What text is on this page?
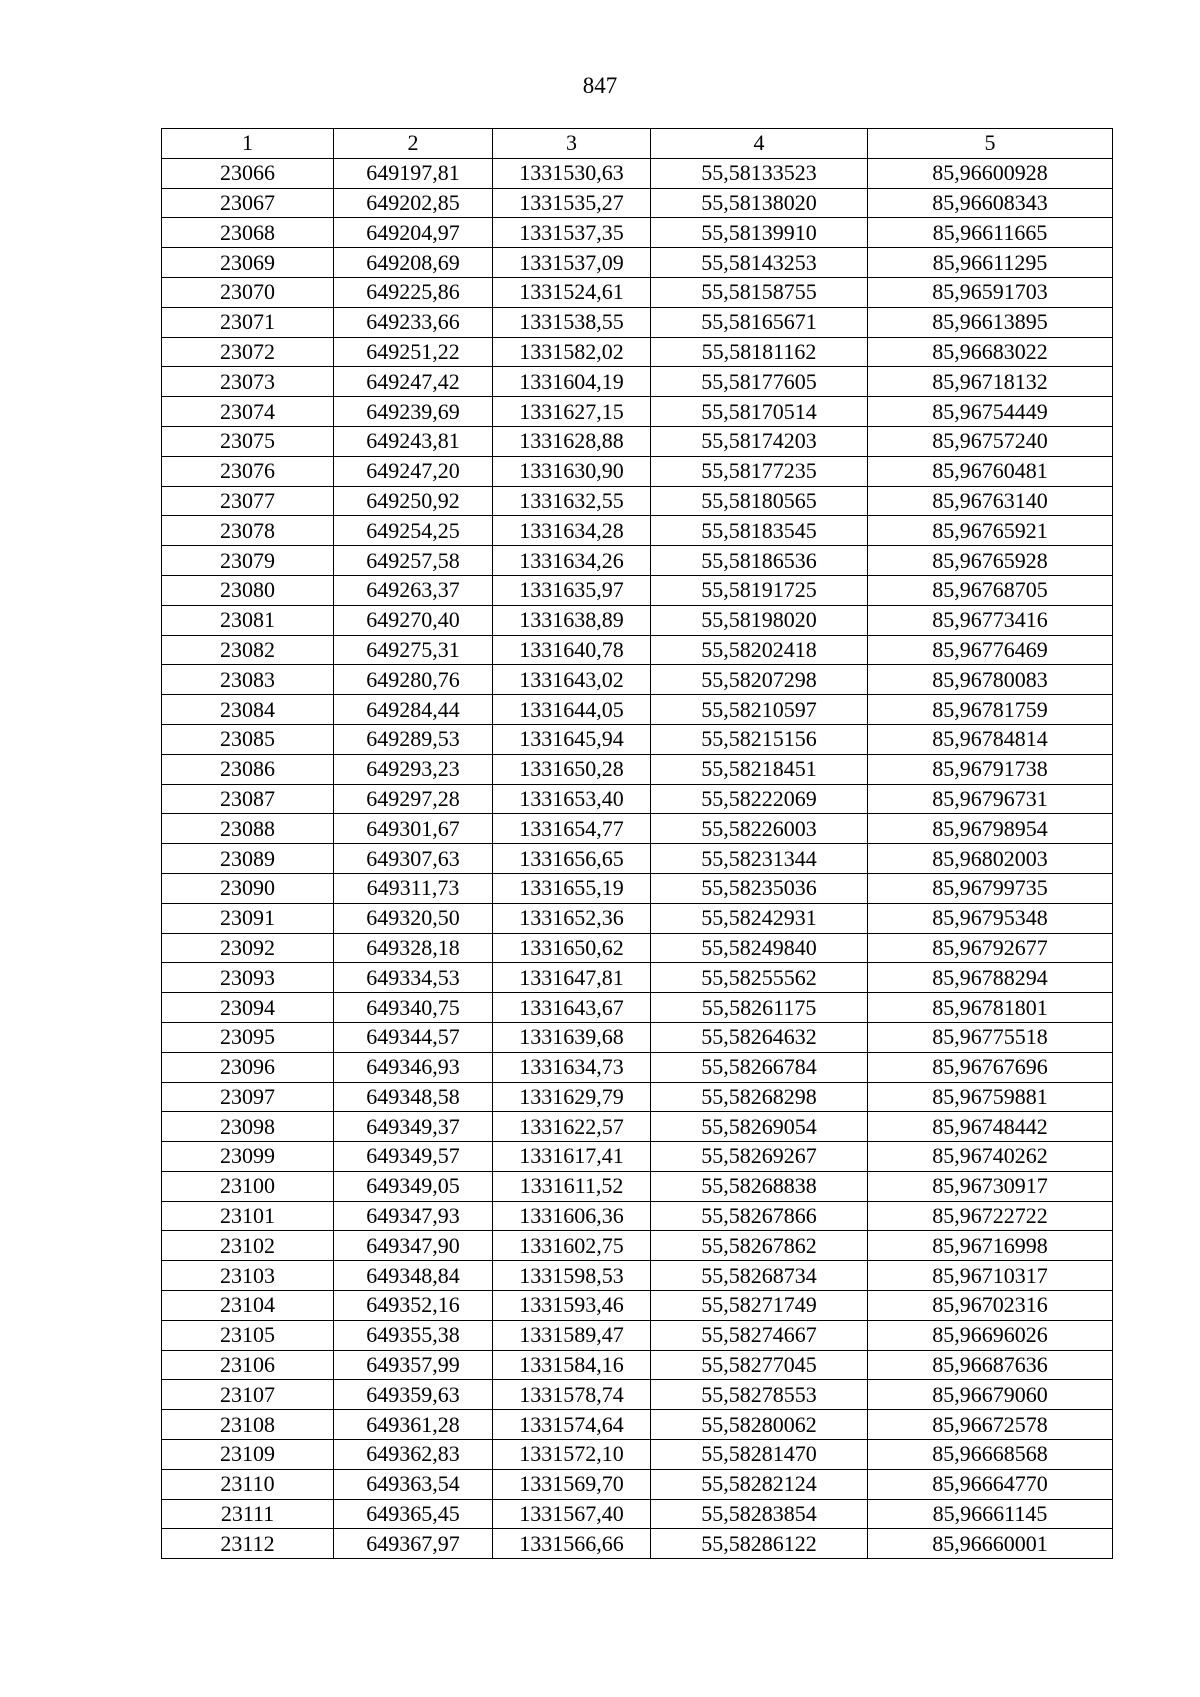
847
1	2	3	4	5
23066	649197,81	1331530,63	55,58133523	85,96600928
23067	649202,85	1331535,27	55,58138020	85,96608343
23068	649204,97	1331537,35	55,58139910	85,96611665
23069	649208,69	1331537,09	55,58143253	85,96611295
23070	649225,86	1331524,61	55,58158755	85,96591703
23071	649233,66	1331538,55	55,58165671	85,96613895
23072	649251,22	1331582,02	55,58181162	85,96683022
23073	649247,42	1331604,19	55,58177605	85,96718132
23074	649239,69	1331627,15	55,58170514	85,96754449
23075	649243,81	1331628,88	55,58174203	85,96757240
23076	649247,20	1331630,90	55,58177235	85,96760481
23077	649250,92	1331632,55	55,58180565	85,96763140
23078	649254,25	1331634,28	55,58183545	85,96765921
23079	649257,58	1331634,26	55,58186536	85,96765928
23080	649263,37	1331635,97	55,58191725	85,96768705
23081	649270,40	1331638,89	55,58198020	85,96773416
23082	649275,31	1331640,78	55,58202418	85,96776469
23083	649280,76	1331643,02	55,58207298	85,96780083
23084	649284,44	1331644,05	55,58210597	85,96781759
23085	649289,53	1331645,94	55,58215156	85,96784814
23086	649293,23	1331650,28	55,58218451	85,96791738
23087	649297,28	1331653,40	55,58222069	85,96796731
23088	649301,67	1331654,77	55,58226003	85,96798954
23089	649307,63	1331656,65	55,58231344	85,96802003
23090	649311,73	1331655,19	55,58235036	85,96799735
23091	649320,50	1331652,36	55,58242931	85,96795348
23092	649328,18	1331650,62	55,58249840	85,96792677
23093	649334,53	1331647,81	55,58255562	85,96788294
23094	649340,75	1331643,67	55,58261175	85,96781801
23095	649344,57	1331639,68	55,58264632	85,96775518
23096	649346,93	1331634,73	55,58266784	85,96767696
23097	649348,58	1331629,79	55,58268298	85,96759881
23098	649349,37	1331622,57	55,58269054	85,96748442
23099	649349,57	1331617,41	55,58269267	85,96740262
23100	649349,05	1331611,52	55,58268838	85,96730917
23101	649347,93	1331606,36	55,58267866	85,96722722
23102	649347,90	1331602,75	55,58267862	85,96716998
23103	649348,84	1331598,53	55,58268734	85,96710317
23104	649352,16	1331593,46	55,58271749	85,96702316
23105	649355,38	1331589,47	55,58274667	85,96696026
23106	649357,99	1331584,16	55,58277045	85,96687636
23107	649359,63	1331578,74	55,58278553	85,96679060
23108	649361,28	1331574,64	55,58280062	85,96672578
23109	649362,83	1331572,10	55,58281470	85,96668568
23110	649363,54	1331569,70	55,58282124	85,96664770
23111	649365,45	1331567,40	55,58283854	85,96661145
23112	649367,97	1331566,66	55,58286122	85,96660001
